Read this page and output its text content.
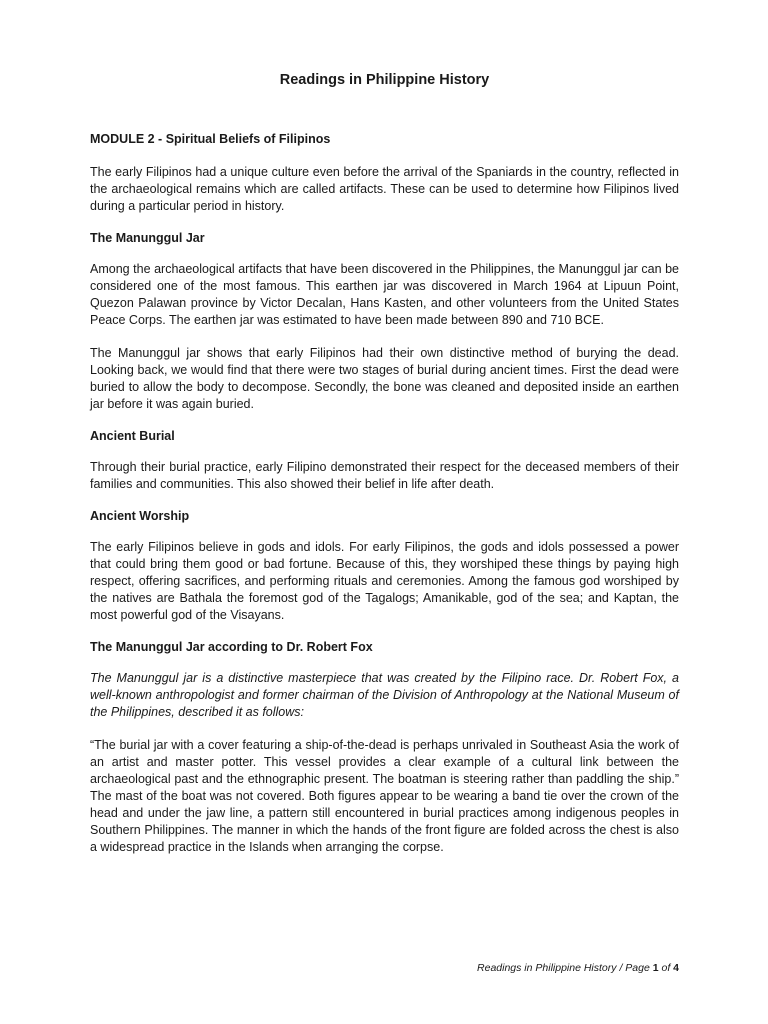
Readings in Philippine History
MODULE 2 - Spiritual Beliefs of Filipinos

The early Filipinos had a unique culture even before the arrival of the Spaniards in the country, reflected in the archaeological remains which are called artifacts. These can be used to determine how Filipinos lived during a particular period in history.

The Manunggul Jar

Among the archaeological artifacts that have been discovered in the Philippines, the Manunggul jar can be considered one of the most famous. This earthen jar was discovered in March 1964 at Lipuun Point, Quezon Palawan province by Victor Decalan, Hans Kasten, and other volunteers from the United States Peace Corps. The earthen jar was estimated to have been made between 890 and 710 BCE.

The Manunggul jar shows that early Filipinos had their own distinctive method of burying the dead. Looking back, we would find that there were two stages of burial during ancient times. First the dead were buried to allow the body to decompose. Secondly, the bone was cleaned and deposited inside an earthen jar before it was again buried.

Ancient Burial

Through their burial practice, early Filipino demonstrated their respect for the deceased members of their families and communities. This also showed their belief in life after death.

Ancient Worship

The early Filipinos believe in gods and idols. For early Filipinos, the gods and idols possessed a power that could bring them good or bad fortune. Because of this, they worshiped these things by paying high respect, offering sacrifices, and performing rituals and ceremonies. Among the famous god worshiped by the natives are Bathala the foremost god of the Tagalogs; Amanikable, god of the sea; and Kaptan, the most powerful god of the Visayans.

The Manunggul Jar according to Dr. Robert Fox

The Manunggul jar is a distinctive masterpiece that was created by the Filipino race. Dr. Robert Fox, a well-known anthropologist and former chairman of the Division of Anthropology at the National Museum of the Philippines, described it as follows:

“The burial jar with a cover featuring a ship-of-the-dead is perhaps unrivaled in Southeast Asia the work of an artist and master potter. This vessel provides a clear example of a cultural link between the archaeological past and the ethnographic present. The boatman is steering rather than paddling the ship.” The mast of the boat was not covered. Both figures appear to be wearing a band tie over the crown of the head and under the jaw line, a pattern still encountered in burial practices among indigenous peoples in Southern Philippines. The manner in which the hands of the front figure are folded across the chest is also a widespread practice in the Islands when arranging the corpse.

Readings in Philippine History / Page 1 of 4
